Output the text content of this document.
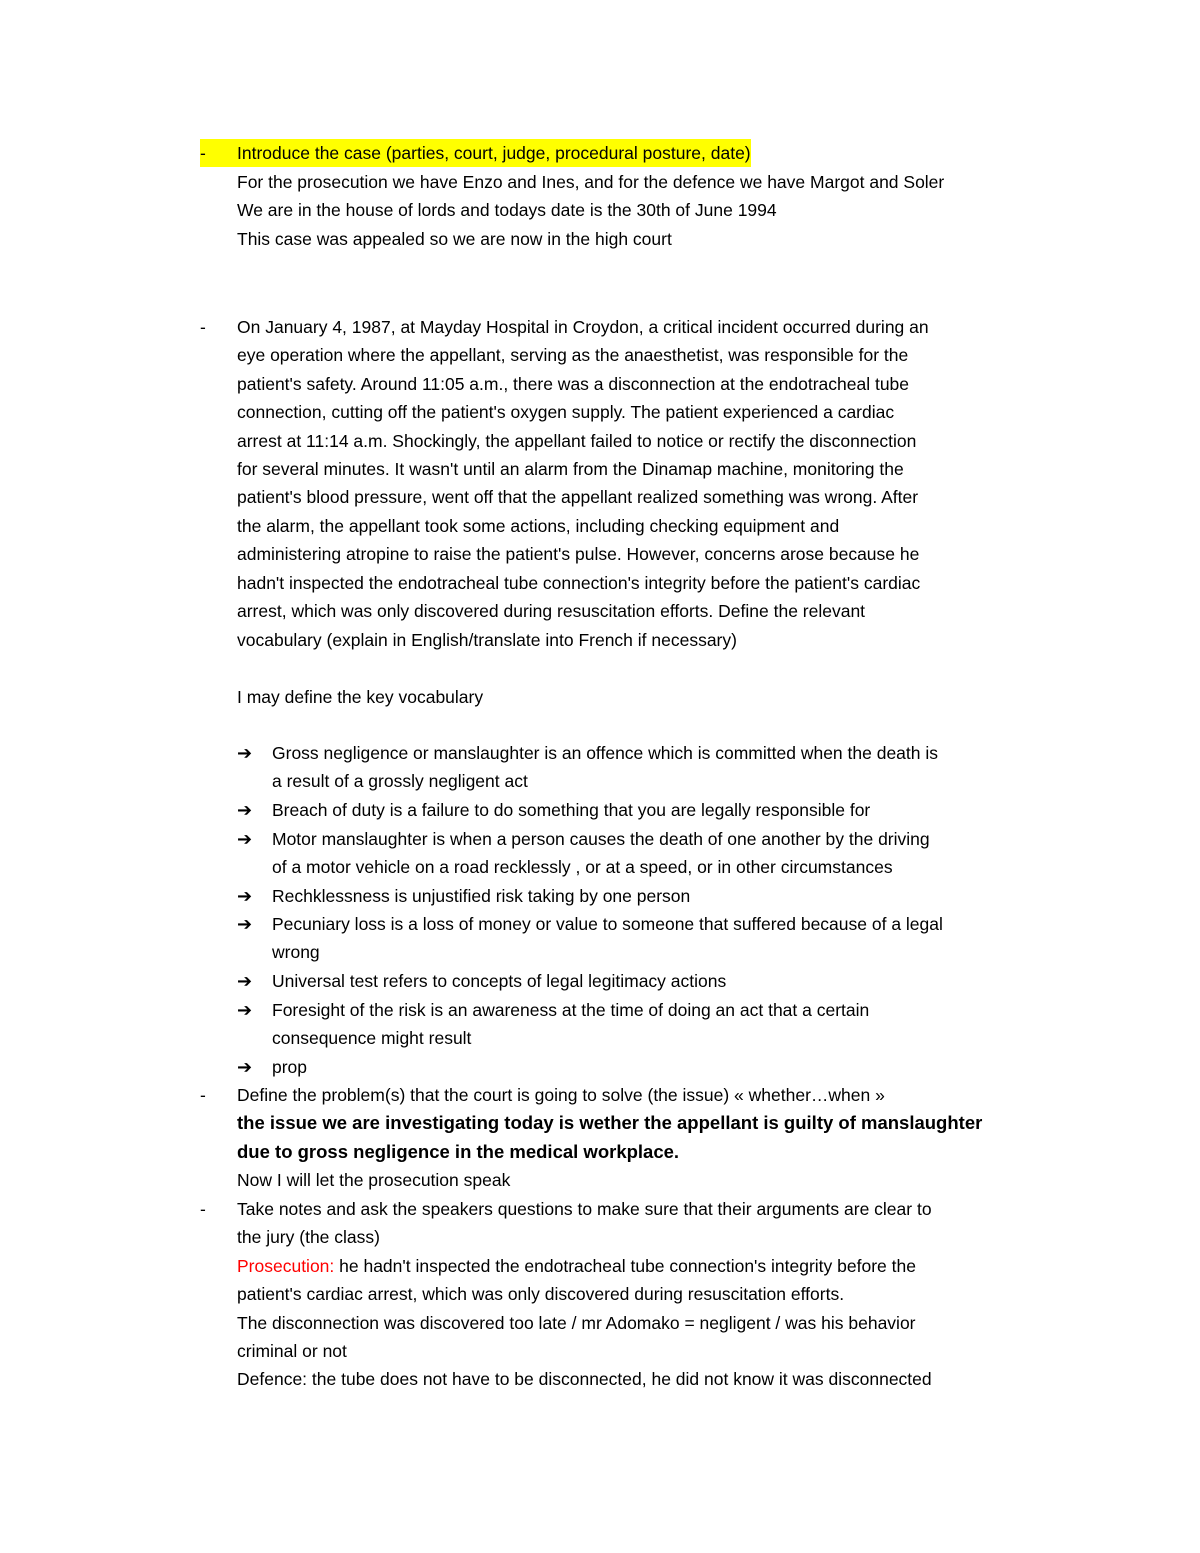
-	Introduce the case (parties, court, judge, procedural posture, date)
For the prosecution we have Enzo and Ines, and for the defence we have Margot and Soler
We are in the house of lords and todays date is the 30th of June 1994
This case was appealed so we are now in the high court
- On January 4, 1987, at Mayday Hospital in Croydon, a critical incident occurred during an
eye operation where the appellant, serving as the anaesthetist, was responsible for the
patient's safety. Around 11:05 a.m., there was a disconnection at the endotracheal tube
connection, cutting off the patient's oxygen supply. The patient experienced a cardiac
arrest at 11:14 a.m. Shockingly, the appellant failed to notice or rectify the disconnection
for several minutes. It wasn't until an alarm from the Dinamap machine, monitoring the
patient's blood pressure, went off that the appellant realized something was wrong. After
the alarm, the appellant took some actions, including checking equipment and
administering atropine to raise the patient's pulse. However, concerns arose because he
hadn't inspected the endotracheal tube connection's integrity before the patient's cardiac
arrest, which was only discovered during resuscitation efforts. Define the relevant
vocabulary (explain in English/translate into French if necessary)
I may define the key vocabulary
➔ Gross negligence or manslaughter is an offence which is committed when the death is
a result of a grossly negligent act
➔ Breach of duty is a failure to do something that you are legally responsible for
➔ Motor manslaughter is when a person causes the death of one another by the driving
of a motor vehicle on a road recklessly , or at a speed, or in other circumstances
➔ Rechklessness is unjustified risk taking by one person
➔ Pecuniary loss is a loss of money or value to someone that suffered because of a legal
wrong
➔ Universal test refers to concepts of legal legitimacy actions
➔ Foresight of the risk is an awareness at the time of doing an act that a certain
consequence might result
➔ prop
- Define the problem(s) that the court is going to solve (the issue) « whether…when »
the issue we are investigating today is wether the appellant is guilty of manslaughter
due to gross negligence in the medical workplace.
Now I will let the prosecution speak
- Take notes and ask the speakers questions to make sure that their arguments are clear to
the jury (the class)
Prosecution: he hadn't inspected the endotracheal tube connection's integrity before the
patient's cardiac arrest, which was only discovered during resuscitation efforts.
The disconnection was discovered too late / mr Adomako = negligent / was his behavior
criminal or not
Defence: the tube does not have to be disconnected, he did not know it was disconnected
